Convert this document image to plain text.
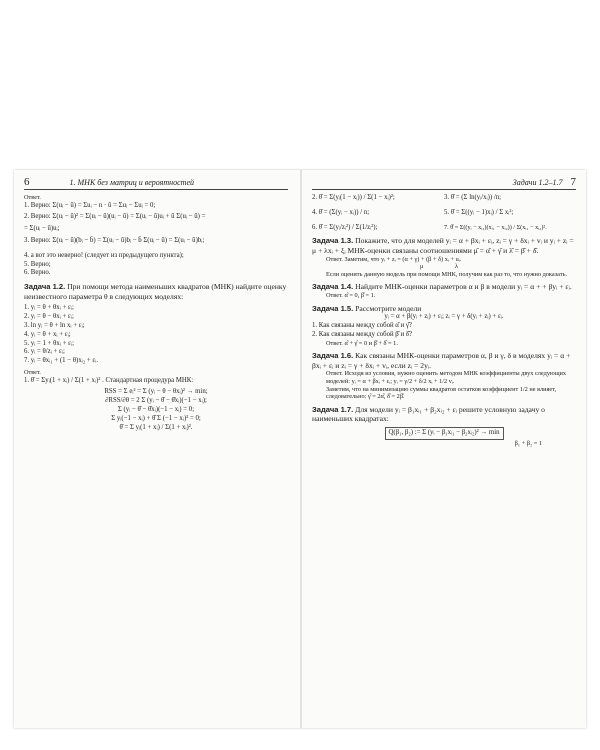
6	1. МНК без матриц и вероятностей
Ответ.
1. Верно: Σ(uᵢ − ū) = Σuᵢ − n · ū = Σuᵢ − Σuᵢ = 0;
2. Верно: Σ(uᵢ − ū)² = Σ(uᵢ − ū)(uᵢ − ū) = Σ(uᵢ − ū)uᵢ + ū Σ(uᵢ − ū) =
= Σ(uᵢ − ū)uᵢ;
3. Верно: Σ(uᵢ − ū)(bᵢ − b̄) = Σ(uᵢ − ū)bᵢ − b̄ Σ(uᵢ − ū) = Σ(uᵢ − ū)bᵢ;
4. а вот это неверно! (следует из предыдущего пункта);
5. Верно;
6. Верно.
Задача 1.2. При помощи метода наименьших квадратов (МНК) найдите оценку неизвестного параметра θ в следующих моделях:
1. yᵢ = θ + θxᵢ + εᵢ;
2. yᵢ = θ − θxᵢ + εᵢ;
3. ln yᵢ = θ + ln xᵢ + εᵢ;
4. yᵢ = θ + xᵢ + εᵢ;
5. yᵢ = 1 + θxᵢ + εᵢ;
6. yᵢ = θ/zᵢ + εᵢ;
7. yᵢ = θxᵢ₁ + (1 − θ)xᵢ₂ + εᵢ.
Ответ.
1. θ̂ = Σyᵢ(1 + xᵢ) / Σ(1 + xᵢ)² . Стандартная процедура МНК:
RSS = Σ eᵢ² = Σ (yᵢ − θ − θxᵢ)² → min;
∂RSS/∂θ = 2 Σ (yᵢ − θ̂ − θ̂xᵢ)(−1 − xᵢ);
Σ (yᵢ − θ̂ − θ̂xᵢ)(−1 − xᵢ) = 0;
Σ yᵢ(−1 − xᵢ) + θ̂ Σ (−1 − xᵢ)² = 0;
θ̂ = Σ yᵢ(1 + xᵢ) / Σ(1 + xᵢ)².
Задачи 1.2–1.7 7
2. θ̂ = Σ(yᵢ(1 − xᵢ)) / Σ(1 − xᵢ)²;
4. θ̂ = (Σ(yᵢ − xᵢ)) / n;
6. θ̂ = Σ(yᵢ/zᵢ²) / Σ(1/zᵢ²);
3. θ̂ = (Σ ln(yᵢ/xᵢ)) /n;
5. θ̂ = Σ((yᵢ − 1)xᵢ) / Σ xᵢ²;
7. θ̂ = Σ((yᵢ − xᵢ₂)(xᵢ₁ − xᵢ₂)) / Σ(xᵢ₁ − xᵢ₂)².
Задача 1.3. Покажите, что для моделей yᵢ = α + βxᵢ + εᵢ, zᵢ = γ + δxᵢ + vᵢ и yᵢ + zᵢ = μ + λxᵢ + ξᵢ МНК-оценки связаны соотношениями μ̂ = α̂ + γ̂ и λ̂ = β̂ + δ̂.
Ответ. Заметим, что yᵢ + zᵢ = (α + γ) + (β + δ) xᵢ + uᵢ.
μ	λ
Если оценить данную модель при помощи МНК, получим как раз то, что нужно доказать.
Задача 1.4. Найдите МНК-оценки параметров α и β в модели yᵢ = α + + βyᵢ + εᵢ.
Ответ. α̂ = 0, β̂ = 1.
Задача 1.5. Рассмотрите модели
yᵢ = α + β(yᵢ + zᵢ) + εᵢ; zᵢ = γ + δ(yᵢ + zᵢ) + εᵢ.
1. Как связаны между собой α̂ и γ̂?
2. Как связаны между собой β̂ и δ̂?
Ответ. α̂ + γ̂ = 0 и β̂ + δ̂ = 1.
Задача 1.6. Как связаны МНК-оценки параметров α, β и γ, δ в моделях yᵢ = α + βxᵢ + εᵢ и zᵢ = γ + δxᵢ + vᵢ, если zᵢ = 2yᵢ.
Ответ. Исходя из условия, нужно оценить методом МНК коэффициенты двух следующих моделей: yᵢ = α + βxᵢ + εᵢ; yᵢ = γ/2 + δ/2 xᵢ + 1/2 vᵢ.
Заметим, что на минимизацию суммы квадратов остатков коэффициент 1/2 не влияет, следовательно: γ̂ = 2α̂, δ̂ = 2β̂.
Задача 1.7. Для модели yᵢ = β₁xᵢ₁ + β₂xᵢ₂ + εᵢ решите условную задачу о наименьших квадратах:
Q(β₁, β₂) := Σ (yᵢ − β₁xᵢ₁ − β₂xᵢ₂)² → min
β₁ + β₂ = 1
